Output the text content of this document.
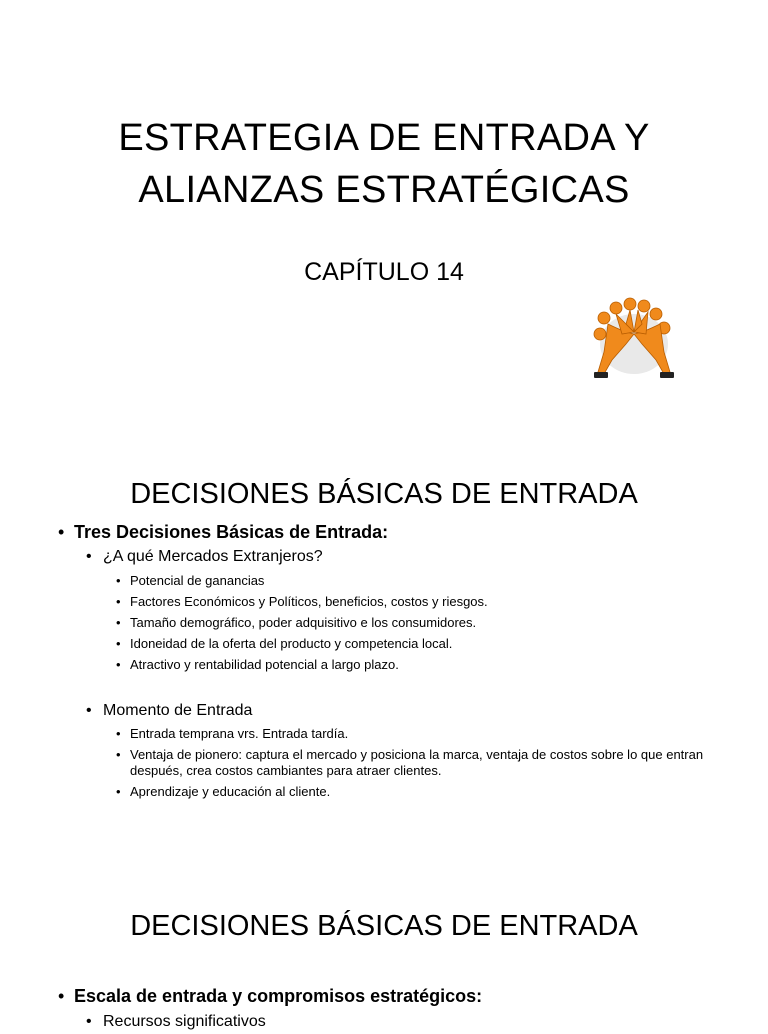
ESTRATEGIA DE ENTRADA Y
ALIANZAS ESTRATÉGICAS
CAPÍTULO 14
DECISIONES BÁSICAS DE ENTRADA
• Tres Decisiones Básicas de Entrada:
• ¿A qué Mercados Extranjeros?
• Potencial de ganancias
• Factores Económicos y Políticos, beneficios, costos y riesgos.
• Tamaño demográfico, poder adquisitivo e los consumidores.
• Idoneidad de la oferta del producto y competencia local.
• Atractivo y rentabilidad potencial a largo plazo.
• Momento de Entrada
• Entrada temprana vrs. Entrada tardía.
• Ventaja de pionero: captura el mercado y posiciona la marca, ventaja de costos sobre lo que entran después, crea costos cambiantes para atraer clientes.
• Aprendizaje y educación al cliente.
DECISIONES BÁSICAS DE ENTRADA
• Escala de entrada y compromisos estratégicos:
• Recursos significativos
